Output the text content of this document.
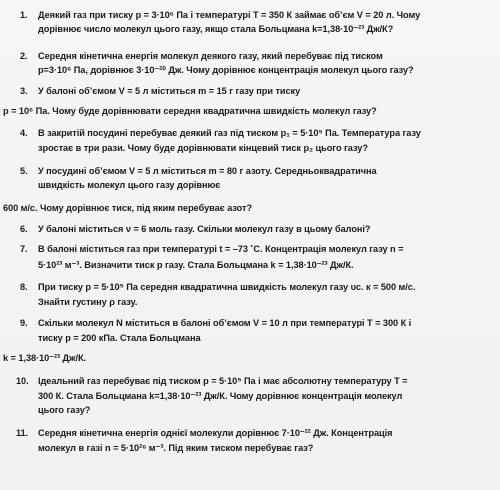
1. Деякий газ при тиску p = 3·10⁶ Па і температурі Т = 350 К займає об’єм V = 20 л. Чому
дорівнює число молекул цього газу, якщо стала Больцмана k=1,38·10⁻²³ Дж/К?
2. Середня кінетична енергія молекул деякого газу, який перебуває під тиском
p=3·10⁶ Па, дорівнює 3·10⁻²⁰ Дж. Чому дорівнює концентрація молекул цього газу?
3. У балоні об’ємом V = 5 л міститься m = 15 г газу при тиску
p = 10⁶ Па. Чому буде дорівнювати середня квадратична швидкість молекул газу?
4. В закритій посудині перебуває деякий газ під тиском p₁ = 5·10⁵ Па. Температура газу
зростає в три рази. Чому буде дорівнювати кінцевий тиск p₂ цього газу?
5. У посудині об’ємом V = 5 л міститься m = 80 г азоту. Середньоквадратична
швидкість молекул цього газу дорівнює
600 м/с. Чому дорівнює тиск, під яким перебуває азот?
6. У балоні міститься ν = 6 моль газу. Скільки молекул газу в цьому балоні?
7. В балоні міститься газ при температурі t = –73 ˚С. Концентрація молекул газу n =
5·10²³ м⁻³. Визначити тиск p газу. Стала Больцмана k = 1,38·10⁻²³ Дж/К.
8. При тиску p = 5·10⁵ Па середня квадратична швидкість молекул газу υс. к = 500 м/с.
Знайти густину ρ газу.
9. Скільки молекул N міститься в балоні об’ємом V = 10 л при температурі Т = 300 К і
тиску p = 200 кПа. Стала Больцмана
k = 1,38·10⁻²³ Дж/К.
10. Ідеальний газ перебуває під тиском p = 5·10⁵ Па і має абсолютну температуру Т =
300 К. Стала Больцмана k=1,38·10⁻²³ Дж/К. Чому дорівнює концентрація молекул
цього газу?
11. Середня кінетична енергія однієї молекули дорівнює 7·10⁻²² Дж. Концентрація
молекул в газі n = 5·10²⁶ м⁻³. Під яким тиском перебуває газ?
